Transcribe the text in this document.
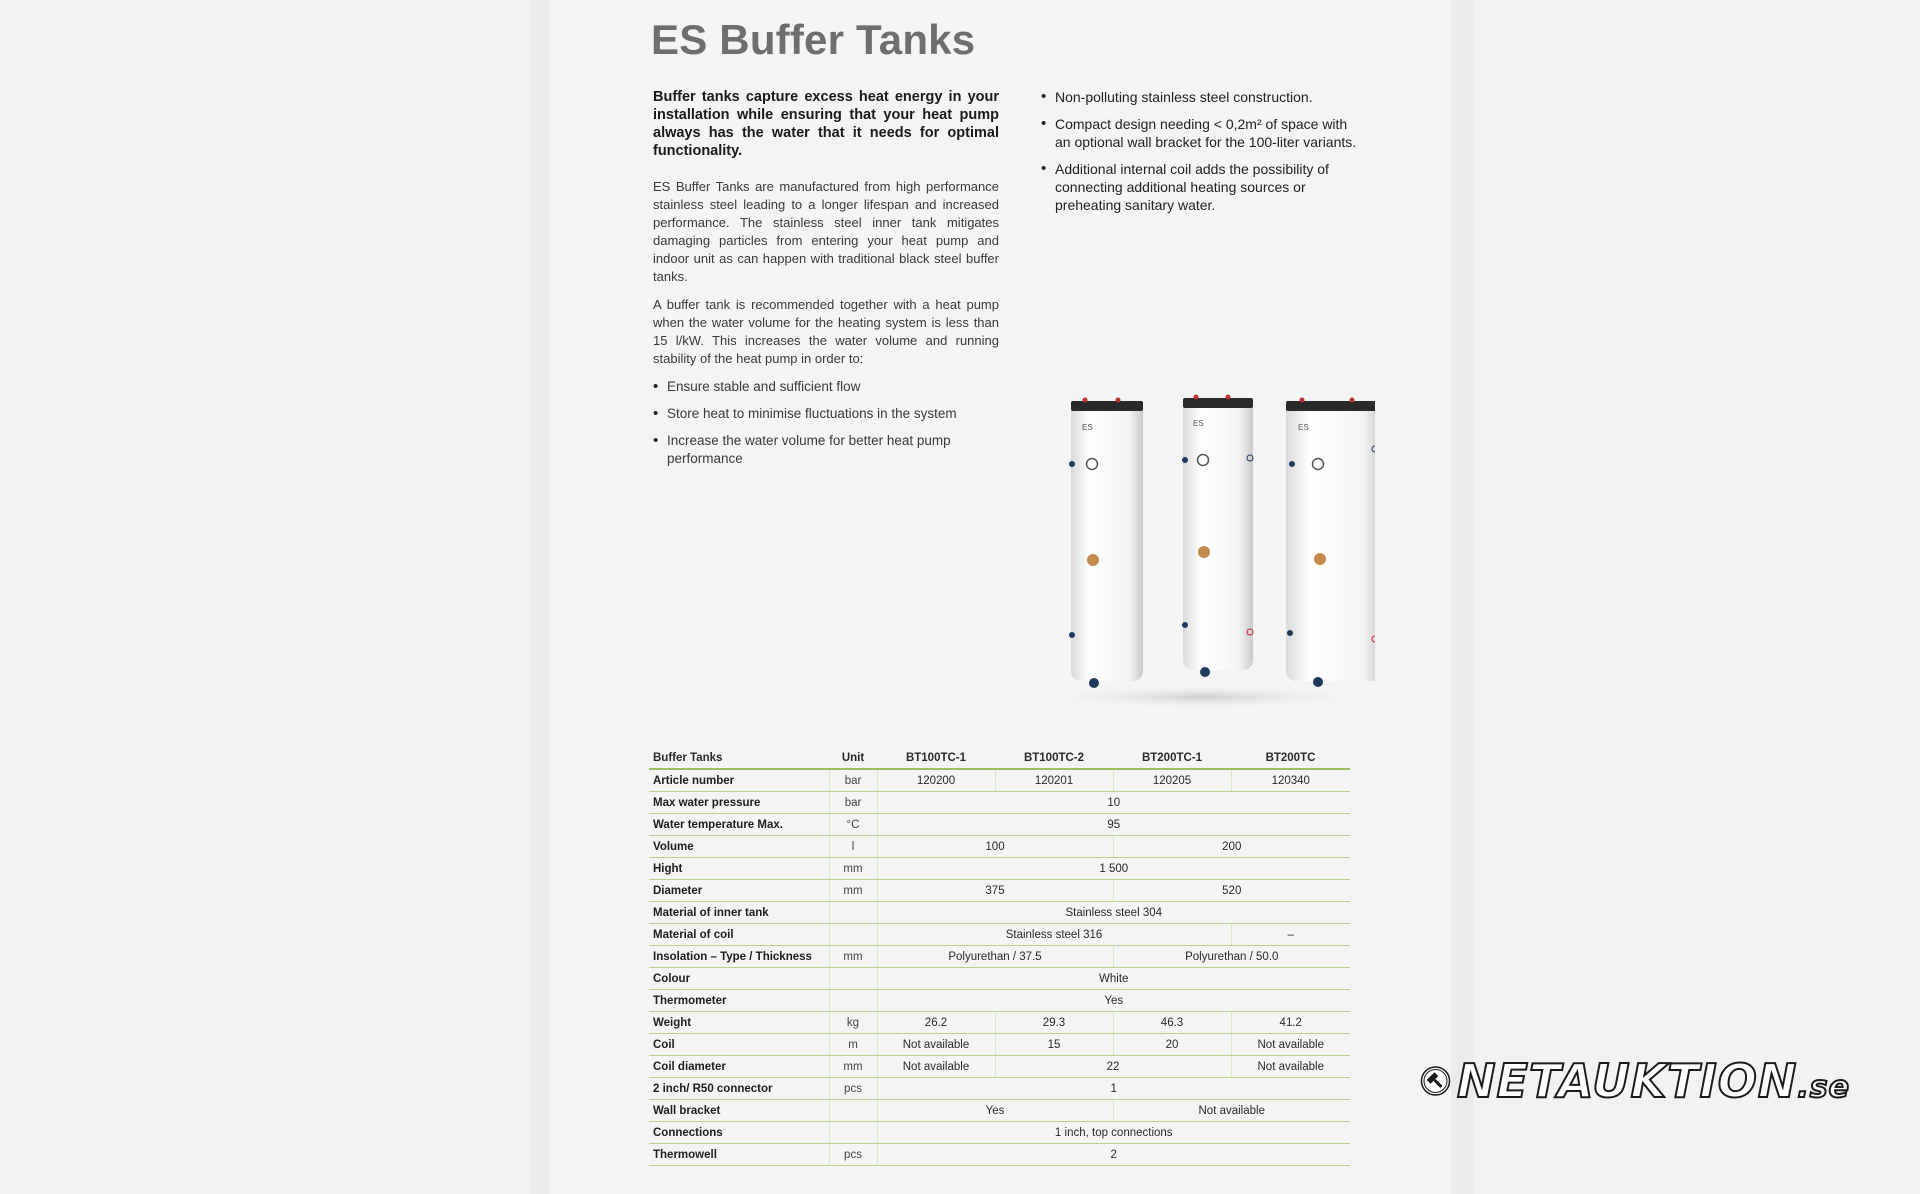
ES Buffer Tanks

Buffer tanks capture excess heat energy in your installation while ensuring that your heat pump always has the water that it needs for optimal functionality.

ES Buffer Tanks are manufactured from high performance stainless steel leading to a longer lifespan and increased performance. The stainless steel inner tank mitigates damaging particles from entering your heat pump and indoor unit as can happen with traditional black steel buffer tanks.

A buffer tank is recommended together with a heat pump when the water volume for the heating system is less than 15 l/kW. This increases the water volume and running stability of the heat pump in order to:

• Ensure stable and sufficient flow
• Store heat to minimise fluctuations in the system
• Increase the water volume for better heat pump performance
• Non-polluting stainless steel construction.
• Compact design needing < 0,2m² of space with an optional wall bracket for the 100-liter variants.
• Additional internal coil adds the possibility of connecting additional heating sources or preheating sanitary water.
ES	ES	ES
Buffer Tanks	Unit	BT100TC-1	BT100TC-2	BT200TC-1	BT200TC
Article number	bar	120200	120201	120205	120340
Max water pressure	bar	10			
Water temperature Max.	°C	95			
Volume	l	100		200	
Hight	mm	1 500			
Diameter	mm	375		520	
Material of inner tank		Stainless steel 304			
Material of coil		Stainless steel 316			–
Insolation – Type / Thickness	mm	Polyurethan / 37.5		Polyurethan / 50.0	
Colour		White			
Thermometer		Yes			
Weight	kg	26.2	29.3	46.3	41.2
Coil	m	Not available	15	20	Not available
Coil diameter	mm	Not available	22		Not available
2 inch/ R50 connector	pcs	1			
Wall bracket		Yes		Not available	
Connections		1 inch, top connections			
Thermowell	pcs	2			
NETAUKTION.se
